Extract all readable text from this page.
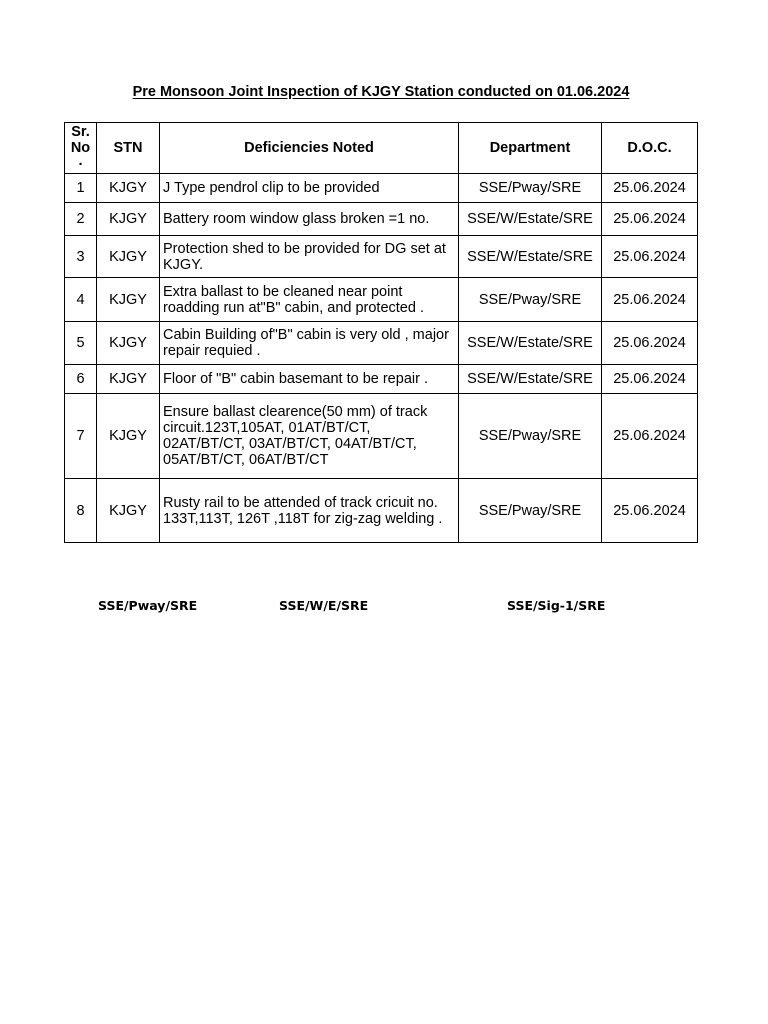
Pre Monsoon Joint Inspection of KJGY Station conducted on 01.06.2024
Sr.
No
.	STN	Deficiencies Noted	Department	D.O.C.
1	KJGY	J Type pendrol clip to be provided	SSE/Pway/SRE	25.06.2024
2	KJGY	Battery room window glass broken =1 no.	SSE/W/Estate/SRE	25.06.2024
3	KJGY	Protection shed to be provided for DG set at KJGY.	SSE/W/Estate/SRE	25.06.2024
4	KJGY	Extra ballast to be cleaned near point roadding run at"B" cabin, and protected .	SSE/Pway/SRE	25.06.2024
5	KJGY	Cabin Building of"B" cabin is very old , major repair requied .	SSE/W/Estate/SRE	25.06.2024
6	KJGY	Floor of "B" cabin basemant to be repair .	SSE/W/Estate/SRE	25.06.2024
7	KJGY	Ensure ballast clearence(50 mm) of track circuit.123T,105AT, 01AT/BT/CT, 02AT/BT/CT, 03AT/BT/CT, 04AT/BT/CT, 05AT/BT/CT, 06AT/BT/CT	SSE/Pway/SRE	25.06.2024
8	KJGY	Rusty rail to be attended of track cricuit no. 133T,113T, 126T ,118T for zig-zag welding .	SSE/Pway/SRE	25.06.2024
SSE/Pway/SRE	SSE/W/E/SRE	SSE/Sig-1/SRE
